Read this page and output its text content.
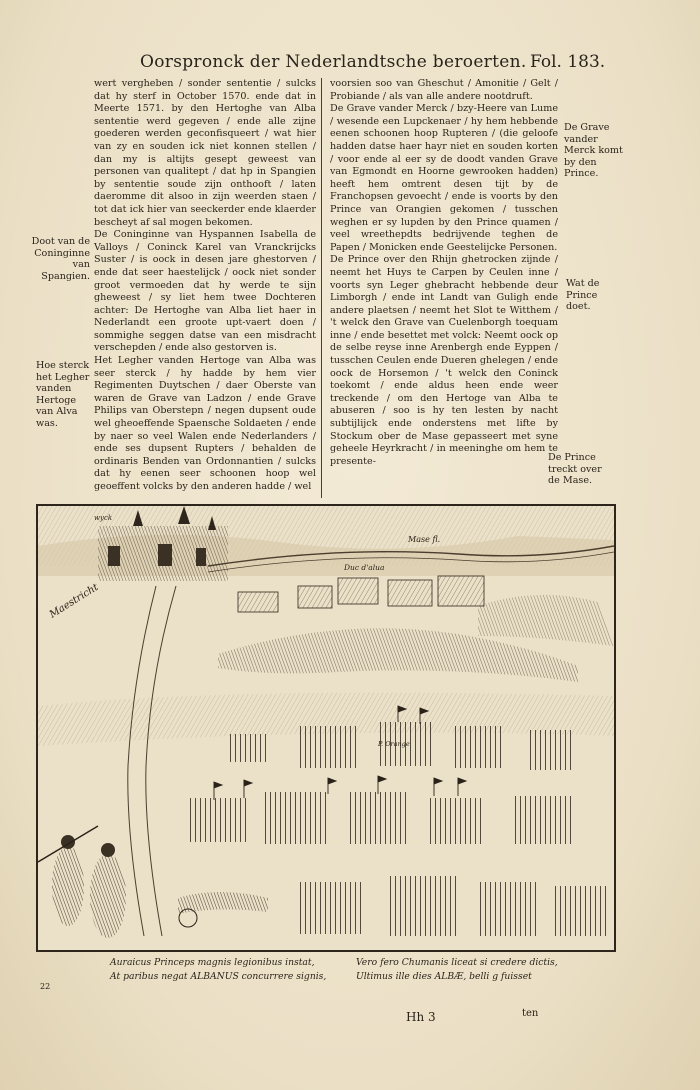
Oorspronck der Nederlandtsche beroerten. Fol. 183.

wert vergheben / sonder sententie / sulcks dat hy sterf in October 1570. ende dat in Meerte 1571. by den Hertoghe van Alba sententie werd gegeven / ende alle zijne goederen werden geconfisqueert / wat hier van zy en souden ick niet konnen stellen / dan my is altijts gesept geweest van personen van qualitept / dat hp in Spangien by sententie soude zijn onthooft / laten daeromme dit alsoo in zijn weerden staen / tot dat ick hier van seeckerder ende klaerder bescheyt af sal mogen bekomen.

De Coninginne van Hyspannen Isabella de Valloys / Coninck Karel van Vranckrijcks Suster / is oock in desen jare ghestorven / ende dat seer haestelijck / oock niet sonder groot vermoeden dat hy werde te sijn gheweest / sy liet hem twee Dochteren achter: De Hertoghe van Alba liet haer in Nederlandt een groote upt-vaert doen / sommighe seggen datse van een misdracht verschepden / ende also gestorven is.

Het Legher vanden Hertoge van Alba was seer sterck / hy hadde by hem vier Regimenten Duytschen / daer Oberste van waren de Grave van Ladzon / ende Grave Philips van Oberstepn / negen dupsent oude wel gheoeffende Spaensche Soldaeten / ende by naer so veel Walen ende Nederlanders / ende ses dupsent Rupters / behalden de ordinaris Benden van Ordonnantien / sulcks dat hy eenen seer schoonen hoop wel geoeffent volcks by den anderen hadde / wel

voorsien soo van Gheschut / Amonitie / Gelt / Probiande / als van alle andere nootdruft.

De Grave vander Merck / bzy-Heere van Lume / wesende een Lupckenaer / hy hem hebbende eenen schoonen hoop Rupteren / (die geloofe hadden datse haer hayr niet en souden korten / voor ende al eer sy de doodt vanden Grave van Egmondt en Hoorne gewrooken hadden) heeft hem omtrent desen tijt by de Franchopsen gevoecht / ende is voorts by den Prince van Orangien gekomen / tusschen weghen er sy lupden by den Prince quamen / veel wreethepdts bedrijvende teghen de Papen / Monicken ende Geestelijcke Personen.

De Prince over den Rhijn ghetrocken zijnde / neemt het Huys te Carpen by Ceulen inne / voorts syn Leger ghebracht hebbende deur Limborgh / ende int Landt van Guligh ende andere plaetsen / neemt het Slot te Witthem / 't welck den Grave van Cuelenborgh toequam inne / ende besettet met volck: Neemt oock op de selbe reyse inne Arenbergh ende Eyppen / tusschen Ceulen ende Dueren ghelegen / ende oock de Horsemon / 't welck den Coninck toekomt / ende aldus heen ende weer treckende / om den Hertoge van Alba te abuseren / soo is hy ten lesten by nacht subtijlijck ende onderstens met lifte by Stockum ober de Mase gepasseert met syne geheele Heyrkracht / in meeninghe om hem te presente-

Doot van de Coninginne van Spangien.
Hoe sterck het Legher vanden Hertoge van Alva was.
De Grave vander Merck komt by den Prince.
Wat de Prince doet.
De Prince treckt over de Mase.
Maestricht
Mase fl.
Duc d'alua
P. Orange
wyck
Auraicus Princeps magnis legionibus instat,
At paribus negat ALBANUS concurrere signis,
Vero fero Chumanis liceat si credere dictis,
Ultimus ille dies ALBÆ, belli g fuisset
22
Hh 3	ten
